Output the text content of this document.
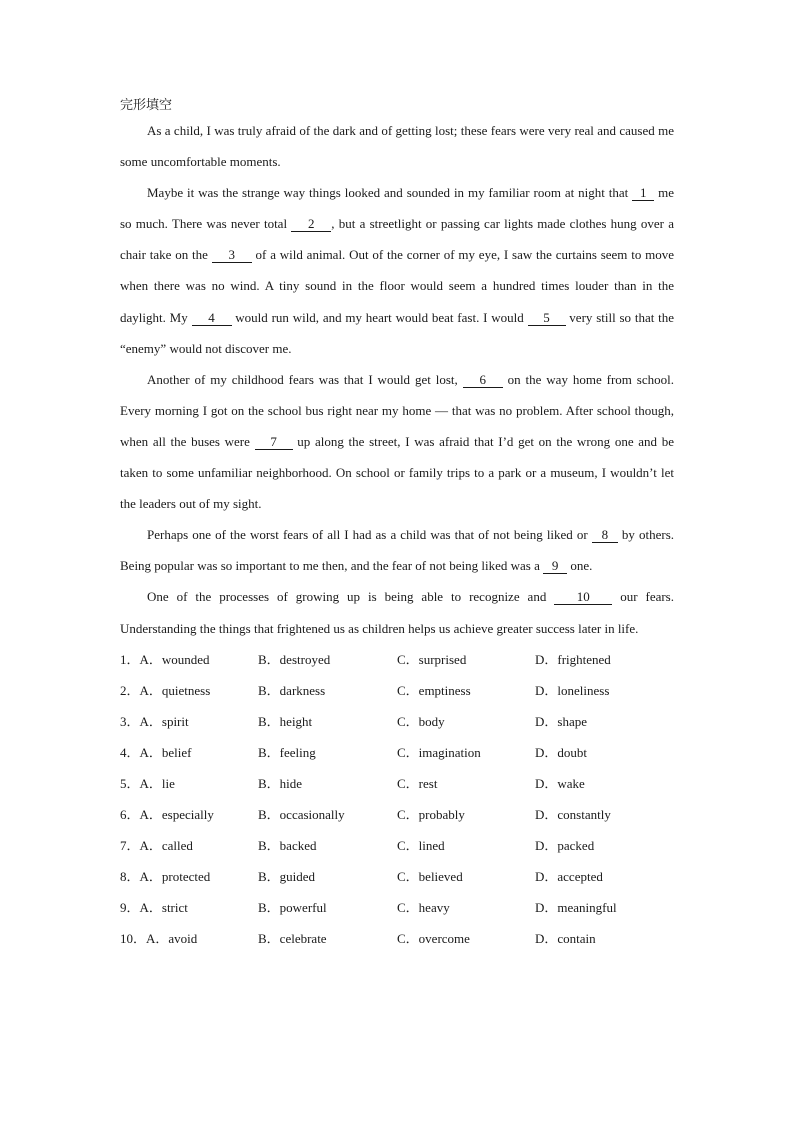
完形填空

As a child, I was truly afraid of the dark and of getting lost; these fears were very real and caused me some uncomfortable moments.

Maybe it was the strange way things looked and sounded in my familiar room at night that 1 me so much. There was never total 2 , but a streetlight or passing car lights made clothes hung over a chair take on the 3 of a wild animal. Out of the corner of my eye, I saw the curtains seem to move when there was no wind. A tiny sound in the floor would seem a hundred times louder than in the daylight. My 4 would run wild, and my heart would beat fast. I would 5 very still so that the “enemy” would not discover me.

Another of my childhood fears was that I would get lost, 6 on the way home from school. Every morning I got on the school bus right near my home — that was no problem. After school though, when all the buses were 7 up along the street, I was afraid that I’d get on the wrong one and be taken to some unfamiliar neighborhood. On school or family trips to a park or a museum, I wouldn’t let the leaders out of my sight.

Perhaps one of the worst fears of all I had as a child was that of not being liked or 8 by others. Being popular was so important to me then, and the fear of not being liked was a 9 one.

One of the processes of growing up is being able to recognize and 10 our fears. Understanding the things that frightened us as children helps us achieve greater success later in life.

1．A．wounded	B．destroyed	C．surprised	D．frightened
2．A．quietness	B．darkness	C．emptiness	D．loneliness
3．A．spirit	B．height	C．body	D．shape
4．A．belief	B．feeling	C．imagination	D．doubt
5．A．lie	B．hide	C．rest	D．wake
6．A．especially	B．occasionally	C．probably	D．constantly
7．A．called	B．backed	C．lined	D．packed
8．A．protected	B．guided	C．believed	D．accepted
9．A．strict	B．powerful	C．heavy	D．meaningful
10．A．avoid	B．celebrate	C．overcome	D．contain
